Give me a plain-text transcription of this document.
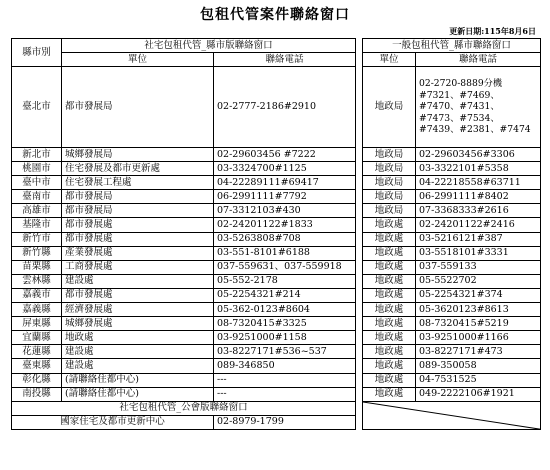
包租代管案件聯絡窗口
更新日期:115年8月6日
縣市別	社宅包租代管_縣市版聯絡窗口			一般包租代管_縣市聯絡窗口	
	單位	聯絡電話		單位	聯絡電話
臺北市	都市發展局	02-2777-2186#2910		地政局	02-2720-8889分機#7321、#7469、#7470、#7431、#7473、#7534、#7439、#2381、#7474
新北市	城鄉發展局	02-29603456 #7222		地政局	02-29603456#3306
桃園市	住宅發展及都市更新處	03-3324700#1125		地政局	03-3322101#5358
臺中市	住宅發展工程處	04-22289111#69417		地政局	04-22218558#63711
臺南市	都市發展局	06-2991111#7792		地政局	06-2991111#8402
高雄市	都市發展局	07-3312103#430		地政局	07-3368333#2616
基隆市	都市發展處	02-24201122#1833		地政處	02-24201122#2416
新竹市	都市發展處	03-5263808#708		地政處	03-5216121#387
新竹縣	產業發展處	03-551-8101#6188		地政處	03-5518101#3331
苗栗縣	工商發展處	037-559631、037-559918		地政處	037-559133
雲林縣	建設處	05-552-2178		地政處	05-5522702
嘉義市	都市發展處	05-2254321#214		地政處	05-2254321#374
嘉義縣	經濟發展處	05-362-0123#8604		地政處	05-3620123#8613
屏東縣	城鄉發展處	08-7320415#3325		地政處	08-7320415#5219
宜蘭縣	地政處	03-9251000#1158		地政處	03-9251000#1166
花蓮縣	建設處	03-8227171#536~537		地政處	03-8227171#473
臺東縣	建設處	089-346850		地政處	089-350058
彰化縣	(請聯絡住都中心)	---		地政處	04-7531525
南投縣	(請聯絡住都中心)	---		地政處	049-2222106#1921
社宅包租代管_公會版聯絡窗口		

國家住宅及都市更新中心		02-8979-1799			
